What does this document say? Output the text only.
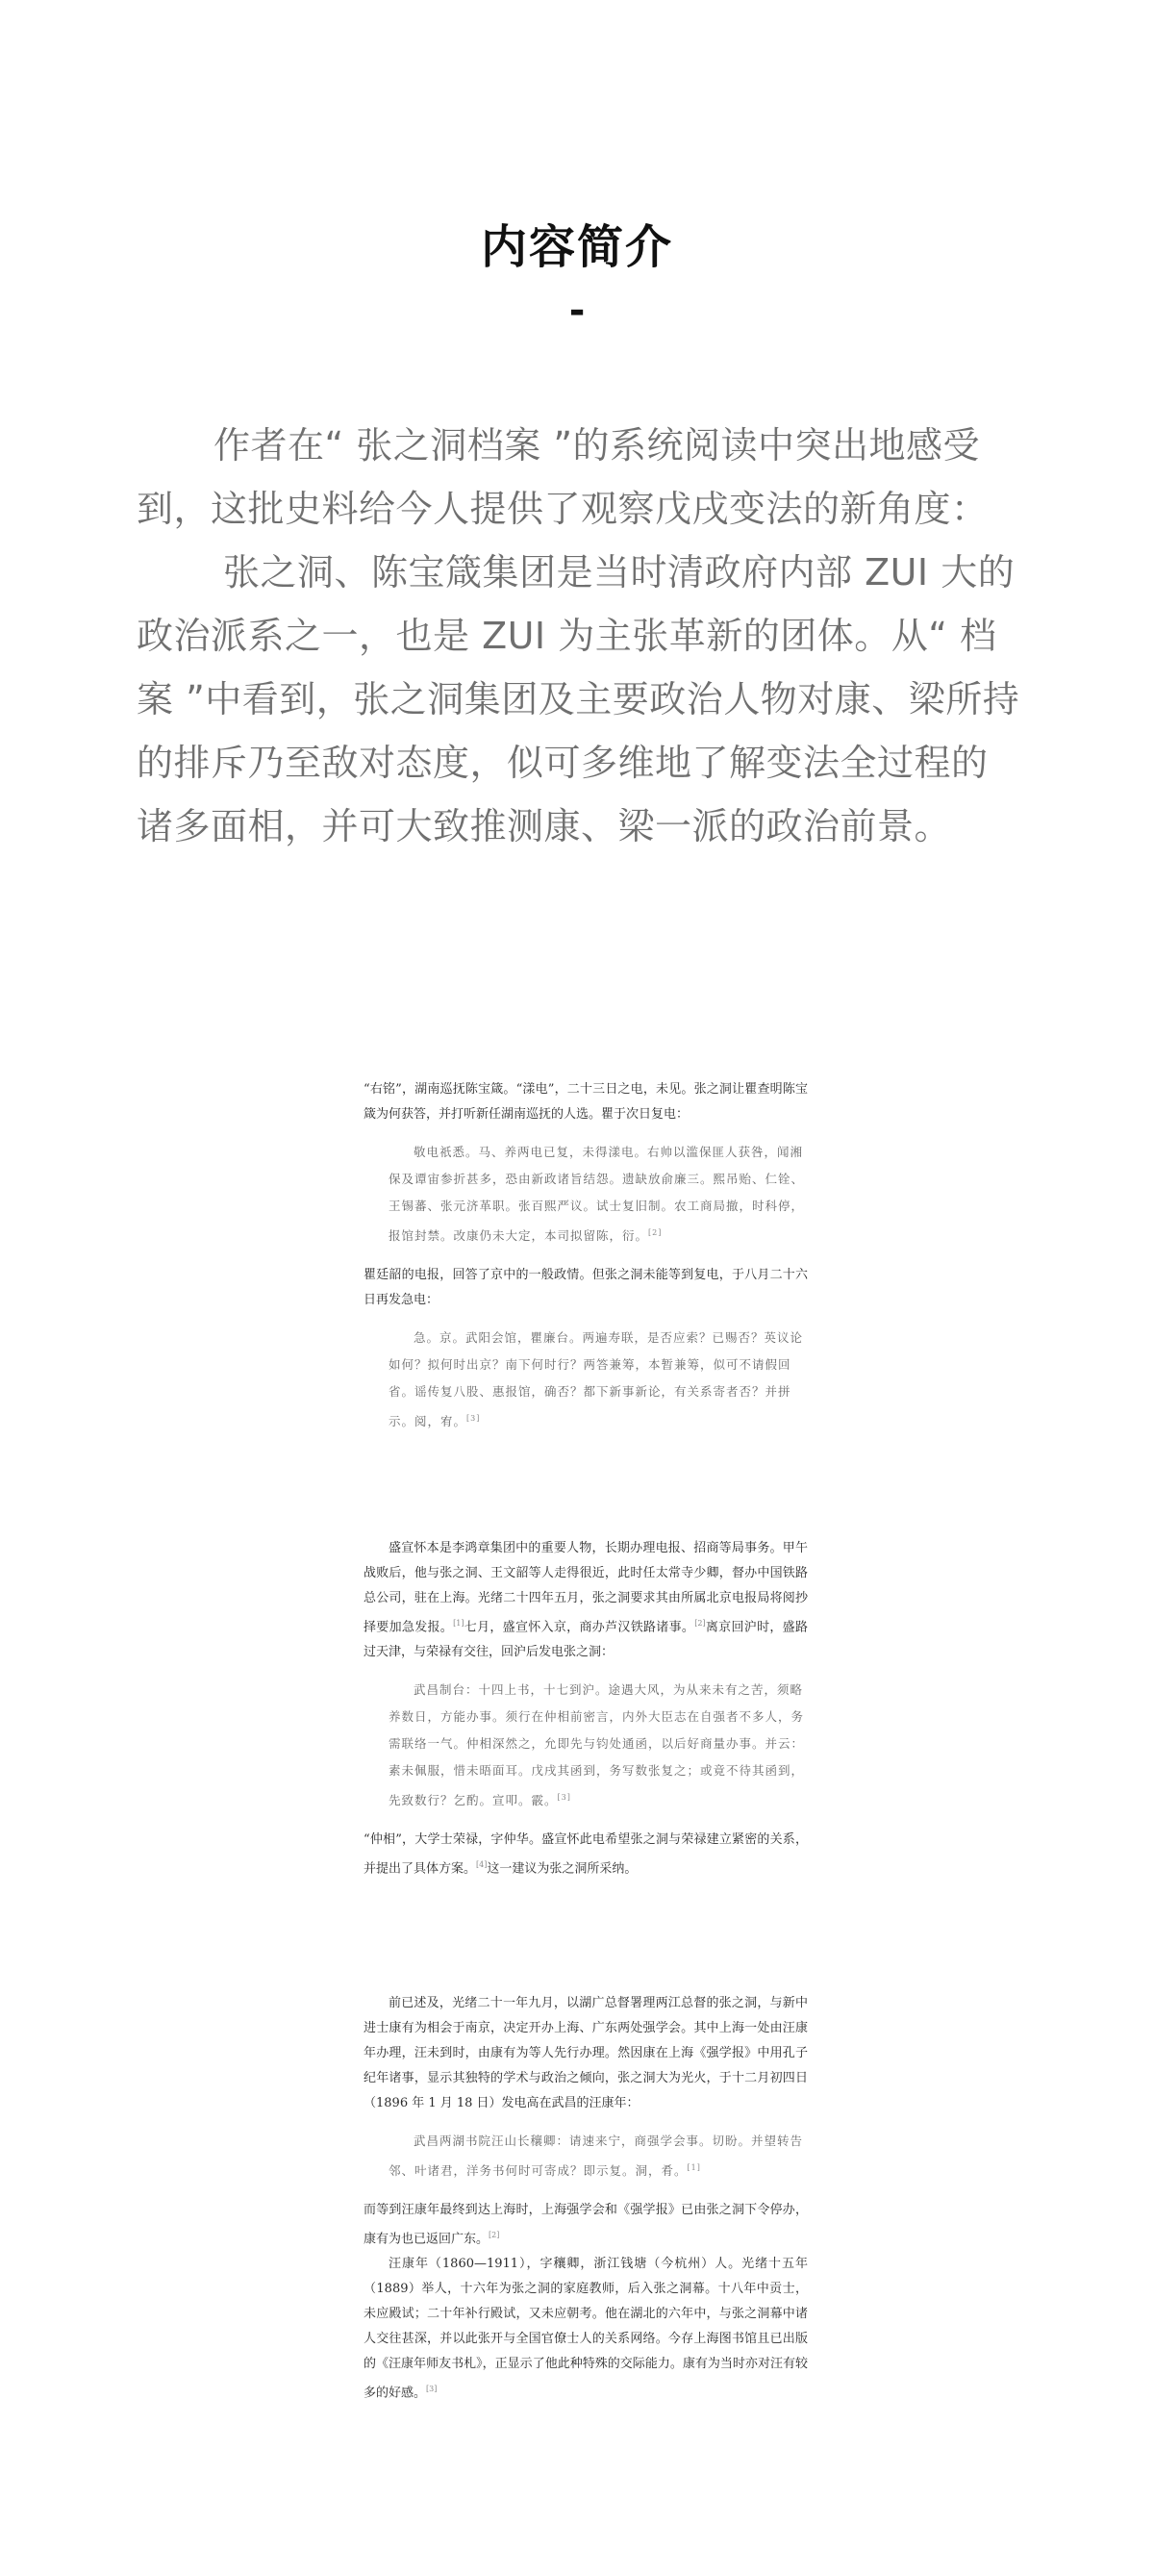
内容简介
-

作者在“ 张之洞档案 ”的系统阅读中突出地感受到，这批史料给今人提供了观察戊戌变法的新角度：

张之洞、陈宝箴集团是当时清政府内部 ZUI 大的政治派系之一，也是 ZUI 为主张革新的团体。从“ 档案 ”中看到，张之洞集团及主要政治人物对康、梁所持的排斥乃至敌对态度，似可多维地了解变法全过程的诸多面相，并可大致推测康、梁一派的政治前景。

“右铭”，湖南巡抚陈宝箴。“漾电”，二十三日之电，未见。张之洞让瞿查明陈宝箴为何获答，并打听新任湖南巡抚的人选。瞿于次日复电：

敬电祇悉。马、养两电已复，未得漾电。右帅以滥保匪人获咎，闻湘保及谭宙参折甚多，恐由新政诸旨结怨。遗缺放俞廉三。熙吊贻、仁铨、王锡蕃、张元济革职。张百熙严议。试士复旧制。农工商局撤，时科停，报馆封禁。改康仍未大定，本司拟留陈，衍。[2]

瞿廷韶的电报，回答了京中的一般政情。但张之洞未能等到复电，于八月二十六日再发急电：

急。京。武阳会馆，瞿廉台。两遍寿联，是否应索？已赐否？英议论如何？拟何时出京？南下何时行？两答兼筹，本暂兼筹，似可不请假回省。谣传复八股、惠报馆，确否？都下新事新论，有关系寄者否？并拼示。阅，宥。[3]

盛宣怀本是李鸿章集团中的重要人物，长期办理电报、招商等局事务。甲午战败后，他与张之洞、王文韶等人走得很近，此时任太常寺少卿，督办中国铁路总公司，驻在上海。光绪二十四年五月，张之洞要求其由所属北京电报局将阅抄择要加急发报。[1]七月，盛宣怀入京，商办芦汉铁路诸事。[2]离京回沪时，盛路过天津，与荣禄有交往，回沪后发电张之洞：

武昌制台：十四上书，十七到沪。途遇大风，为从来未有之苦，须略养数日，方能办事。须行在仲相前密言，内外大臣志在自强者不多人，务需联络一气。仲相深然之，允即先与钧处通函，以后好商量办事。并云：素未佩服，惜未晤面耳。戊戌其函到，务写数张复之；或竟不待其函到，先致数行？乞酌。宣叩。霰。[3]

“仲相”，大学士荣禄，字仲华。盛宣怀此电希望张之洞与荣禄建立紧密的关系，并提出了具体方案。[4]这一建议为张之洞所采纳。

前已述及，光绪二十一年九月，以湖广总督署理两江总督的张之洞，与新中进士康有为相会于南京，决定开办上海、广东两处强学会。其中上海一处由汪康年办理，汪未到时，由康有为等人先行办理。然因康在上海《强学报》中用孔子纪年诸事，显示其独特的学术与政治之倾向，张之洞大为光火，于十二月初四日（1896 年 1 月 18 日）发电高在武昌的汪康年：

武昌两湖书院汪山长穰卿：请速来宁，商强学会事。切盼。并望转告邻、叶诸君，洋务书何时可寄成？即示复。洞，肴。[1]

而等到汪康年最终到达上海时，上海强学会和《强学报》已由张之洞下令停办，康有为也已返回广东。[2]

汪康年（1860—1911），字穰卿，浙江钱塘（今杭州）人。光绪十五年（1889）举人，十六年为张之洞的家庭教师，后入张之洞幕。十八年中贡士，未应殿试；二十年补行殿试，又未应朝考。他在湖北的六年中，与张之洞幕中诸人交往甚深，并以此张开与全国官僚士人的关系网络。今存上海图书馆且已出版的《汪康年师友书札》，正显示了他此种特殊的交际能力。康有为当时亦对汪有较多的好感。[3]
